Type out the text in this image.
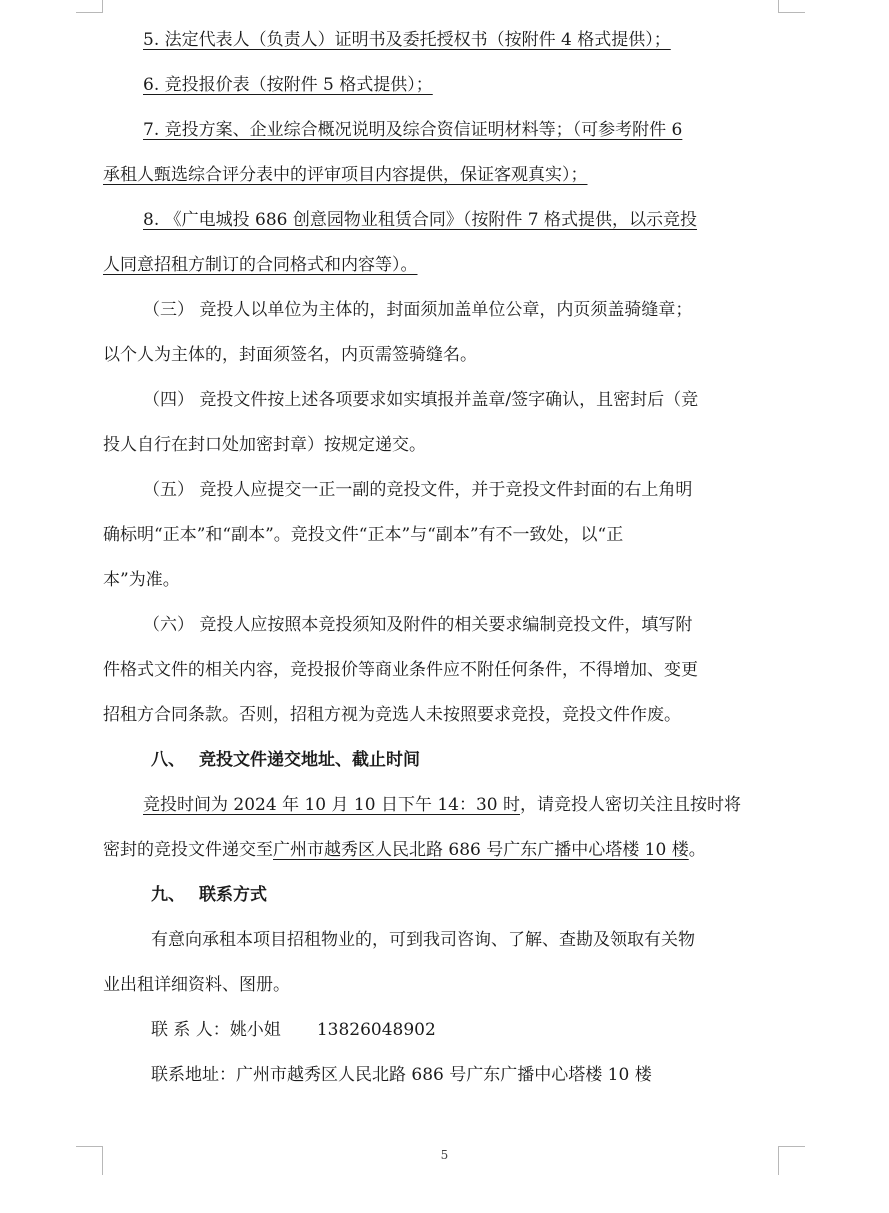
5. 法定代表人（负责人）证明书及委托授权书（按附件 4 格式提供）；
6. 竞投报价表（按附件 5 格式提供）；
7. 竞投方案、企业综合概况说明及综合资信证明材料等；（可参考附件 6
承租人甄选综合评分表中的评审项目内容提供，保证客观真实）；
8. 《广电城投 686 创意园物业租赁合同》（按附件 7 格式提供，以示竞投
人同意招租方制订的合同格式和内容等）。
（三） 竞投人以单位为主体的，封面须加盖单位公章，内页须盖骑缝章；
以个人为主体的，封面须签名，内页需签骑缝名。
（四） 竞投文件按上述各项要求如实填报并盖章/签字确认，且密封后（竞
投人自行在封口处加密封章）按规定递交。
（五） 竞投人应提交一正一副的竞投文件，并于竞投文件封面的右上角明
确标明“正本”和“副本”。竞投文件“正本”与“副本”有不一致处，以“正
本”为准。
（六） 竞投人应按照本竞投须知及附件的相关要求编制竞投文件，填写附
件格式文件的相关内容，竞投报价等商业条件应不附任何条件，不得增加、变更
招租方合同条款。否则，招租方视为竞选人未按照要求竞投，竞投文件作废。
八、 竞投文件递交地址、截止时间
竞投时间为 2024 年 10 月 10 日下午 14：30 时，请竞投人密切关注且按时将
密封的竞投文件递交至广州市越秀区人民北路 686 号广东广播中心塔楼 10 楼。
九、 联系方式
有意向承租本项目招租物业的，可到我司咨询、了解、查勘及领取有关物
业出租详细资料、图册。
联 系 人：姚小姐 13826048902
联系地址：广州市越秀区人民北路 686 号广东广播中心塔楼 10 楼
5
